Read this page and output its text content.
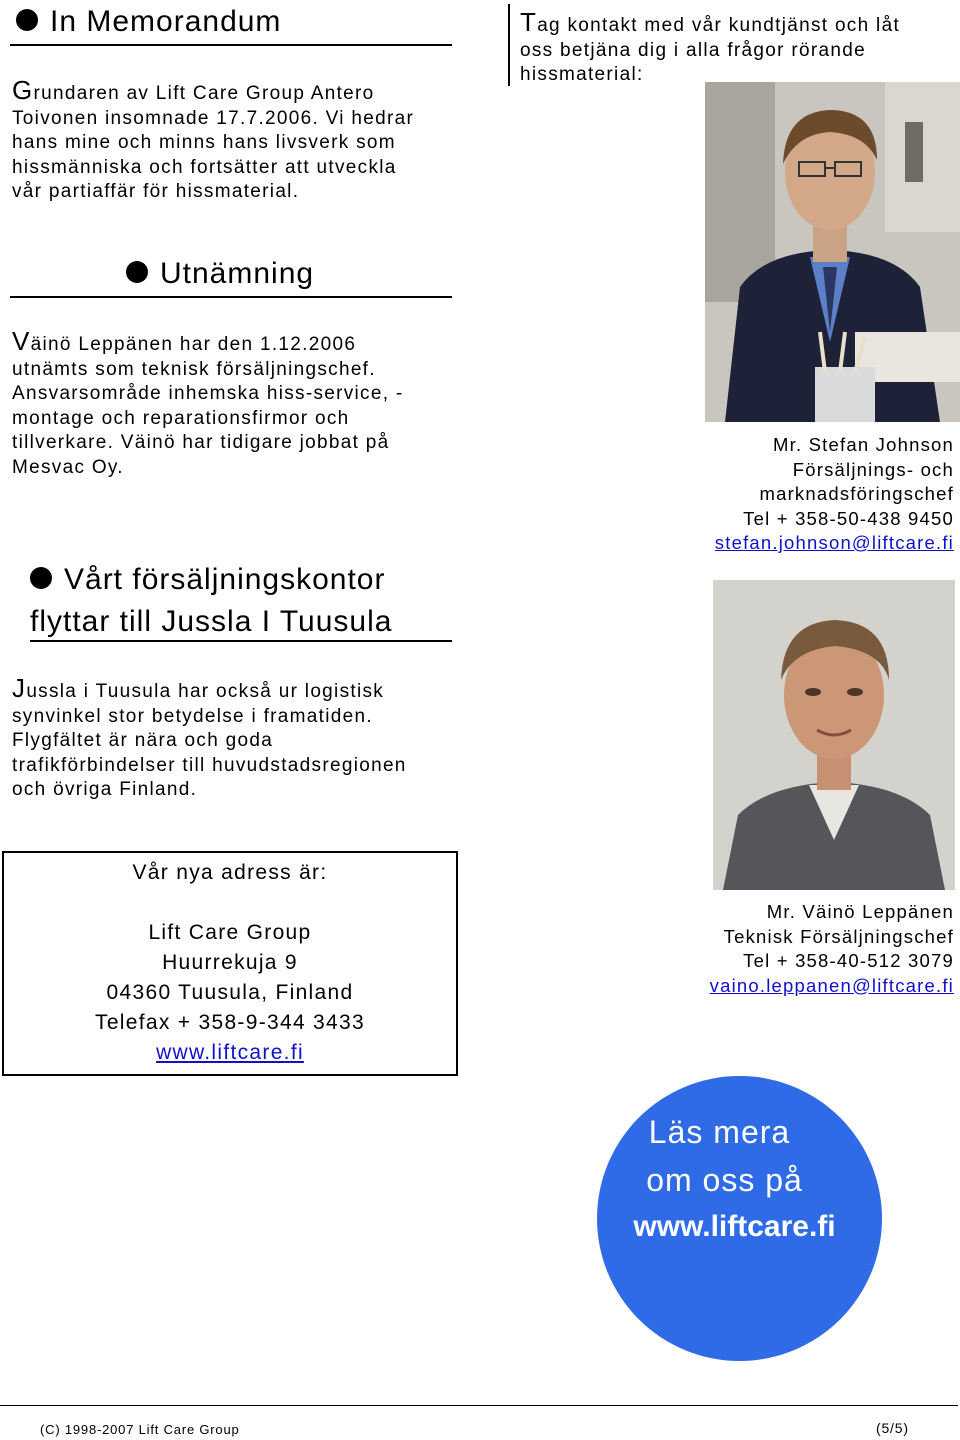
In Memorandum
Grundaren av Lift Care Group Antero
Toivonen insomnade 17.7.2006. Vi hedrar
hans mine och minns hans livsverk som
hissmänniska och fortsätter att utveckla
vår partiaffär för hissmaterial.
Tag kontakt med vår kundtjänst och låt
oss betjäna dig i alla frågor rörande
hissmaterial:
Mr. Stefan Johnson
Försäljnings- och
marknadsföringschef
Tel + 358-50-438 9450
stefan.johnson@liftcare.fi
Utnämning
Väinö Leppänen har den 1.12.2006
utnämts som teknisk försäljningschef.
Ansvarsområde inhemska hiss-service, -
montage och reparationsfirmor och
tillverkare. Väinö har tidigare jobbat på
Mesvac Oy.
Vårt försäljningskontor
flyttar till Jussla I Tuusula
Jussla i Tuusula har också ur logistisk
synvinkel stor betydelse i framatiden.
Flygfältet är nära och goda
trafikförbindelser till huvudstadsregionen
och övriga Finland.
Mr. Väinö Leppänen
Teknisk Försäljningschef
Tel + 358-40-512 3079
vaino.leppanen@liftcare.fi
Vår nya adress är:
Lift Care Group
Huurrekuja 9
04360 Tuusula, Finland
Telefax + 358-9-344 3433
www.liftcare.fi
Läs mera
om oss på
www.liftcare.fi
(C) 1998-2007 Lift Care Group	(5/5)
